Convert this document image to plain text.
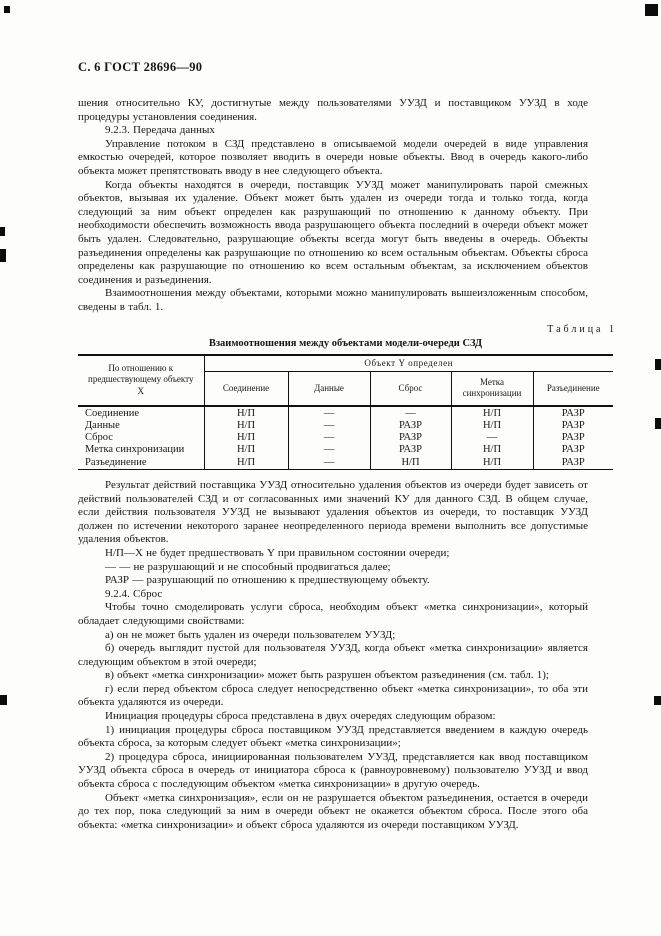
С. 6 ГОСТ 28696—90
шения относительно КУ, достигнутые между пользователями УУЗД и поставщиком УУЗД в ходе процедуры установления соединения.
9.2.3. Передача данных
Управление потоком в СЗД представлено в описываемой модели очередей в виде управления емкостью очередей, которое позволяет вводить в очереди новые объекты. Ввод в очередь какого-либо объекта может препятствовать вводу в нее следующего объекта.
Когда объекты находятся в очереди, поставщик УУЗД может манипулировать парой смежных объектов, вызывая их удаление. Объект может быть удален из очереди тогда и только тогда, когда следующий за ним объект определен как разрушающий по отношению к данному объекту. При необходимости обеспечить возможность ввода разрушающего объекта последний в очереди объект может быть удален. Следовательно, разрушающие объекты всегда могут быть введены в очередь. Объекты разъединения определены как разрушающие по отношению ко всем остальным объектам. Объекты сброса определены как разрушающие по отношению ко всем остальным объектам, за исключением объектов соединения и разъединения.
Взаимоотношения между объектами, которыми можно манипулировать вышеизложенным способом, сведены в табл. 1.
Таблица 1
Взаимоотношения между объектами модели-очереди СЗД
По отношению к предшествующему объекту X	Объект Y определен				
	Соединение	Данные	Сброс	Метка синхронизации	Разъединение
Соединение	Н/П	—	—	Н/П	РАЗР
Данные	Н/П	—	РАЗР	Н/П	РАЗР
Сброс	Н/П	—	РАЗР	—	РАЗР
Метка синхронизации	Н/П	—	РАЗР	Н/П	РАЗР
Разъединение	Н/П	—	Н/П	Н/П	РАЗР
Результат действий поставщика УУЗД относительно удаления объектов из очереди будет зависеть от действий пользователей СЗД и от согласованных ими значений КУ для данного СЗД. В общем случае, если действия пользователя УУЗД не вызывают удаления объектов из очереди, то поставщик УУЗД должен по истечении некоторого заранее неопределенного периода времени выполнить все допустимые удаления объектов.
Н/П—X не будет предшествовать Y при правильном состоянии очереди;
— — не разрушающий и не способный продвигаться далее;
РАЗР — разрушающий по отношению к предшествующему объекту.
9.2.4. Сброс
Чтобы точно смоделировать услуги сброса, необходим объект «метка синхронизации», который обладает следующими свойствами:
а) он не может быть удален из очереди пользователем УУЗД;
б) очередь выглядит пустой для пользователя УУЗД, когда объект «метка синхронизации» является следующим объектом в этой очереди;
в) объект «метка синхронизации» может быть разрушен объектом разъединения (см. табл. 1);
г) если перед объектом сброса следует непосредственно объект «метка синхронизации», то оба эти объекта удаляются из очереди.
Инициация процедуры сброса представлена в двух очередях следующим образом:
1) инициация процедуры сброса поставщиком УУЗД представляется введением в каждую очередь объекта сброса, за которым следует объект «метка синхронизации»;
2) процедура сброса, инициированная пользователем УУЗД, представляется как ввод поставщиком УУЗД объекта сброса в очередь от инициатора сброса к (равноуровневому) пользователю УУЗД и ввод объекта сброса с последующим объектом «метка синхронизации» в другую очередь.
Объект «метка синхронизация», если он не разрушается объектом разъединения, остается в очереди до тех пор, пока следующий за ним в очереди объект не окажется объектом сброса. После этого оба объекта: «метка синхронизации» и объект сброса удаляются из очереди поставщиком УУЗД.
